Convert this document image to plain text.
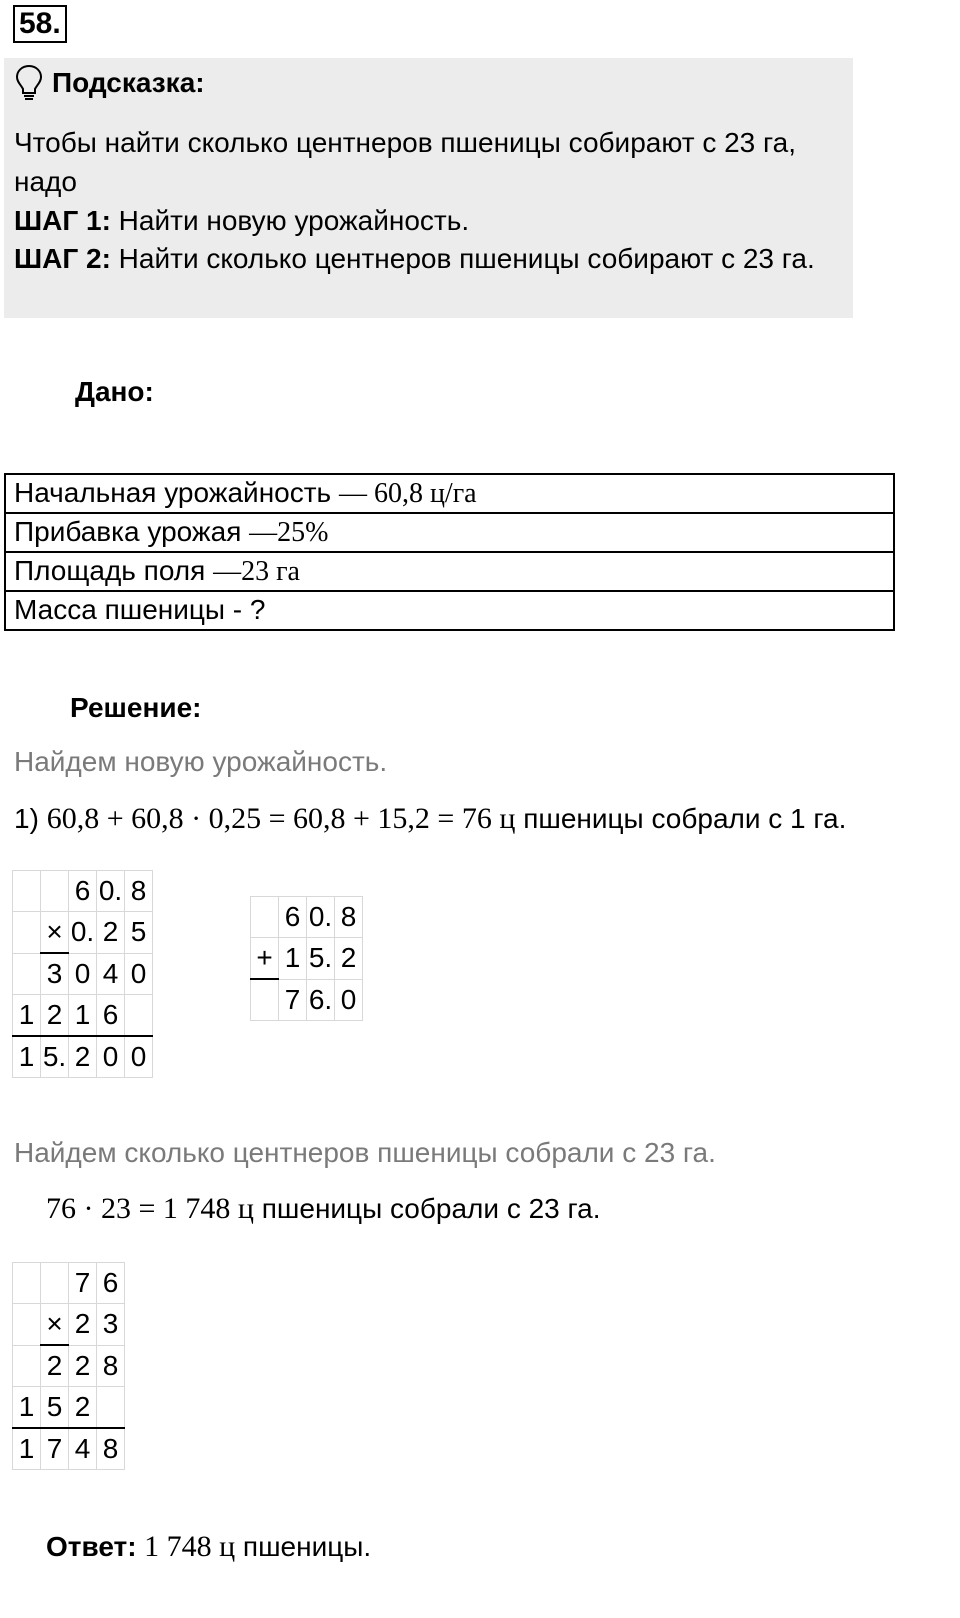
58.
Подсказка:
Чтобы найти сколько центнеров пшеницы собирают с 23 га,
надо
ШАГ 1: Найти новую урожайность.
ШАГ 2: Найти сколько центнеров пшеницы собирают с 23 га.
Дано:
Начальная урожайность — 60,8 ц/га
Прибавка урожая —25%
Площадь поля —23 га
Масса пшеницы - ?
Решение:
Найдем новую урожайность.
1) 60,8 + 60,8 · 0,25 = 60,8 + 15,2 = 76 ц пшеницы собрали с 1 га.
		6	0.	8
	×	0.	2	5
	3	0	4	0
1	2	1	6	
1	5.	2	0	0
	6	0.	8
+	1	5.	2
	7	6.	0
Найдем сколько центнеров пшеницы собрали с 23 га.
76 · 23 = 1 748 ц пшеницы собрали с 23 га.
		7	6
	×	2	3
	2	2	8
1	5	2	
1	7	4	8
Ответ: 1 748 ц пшеницы.
